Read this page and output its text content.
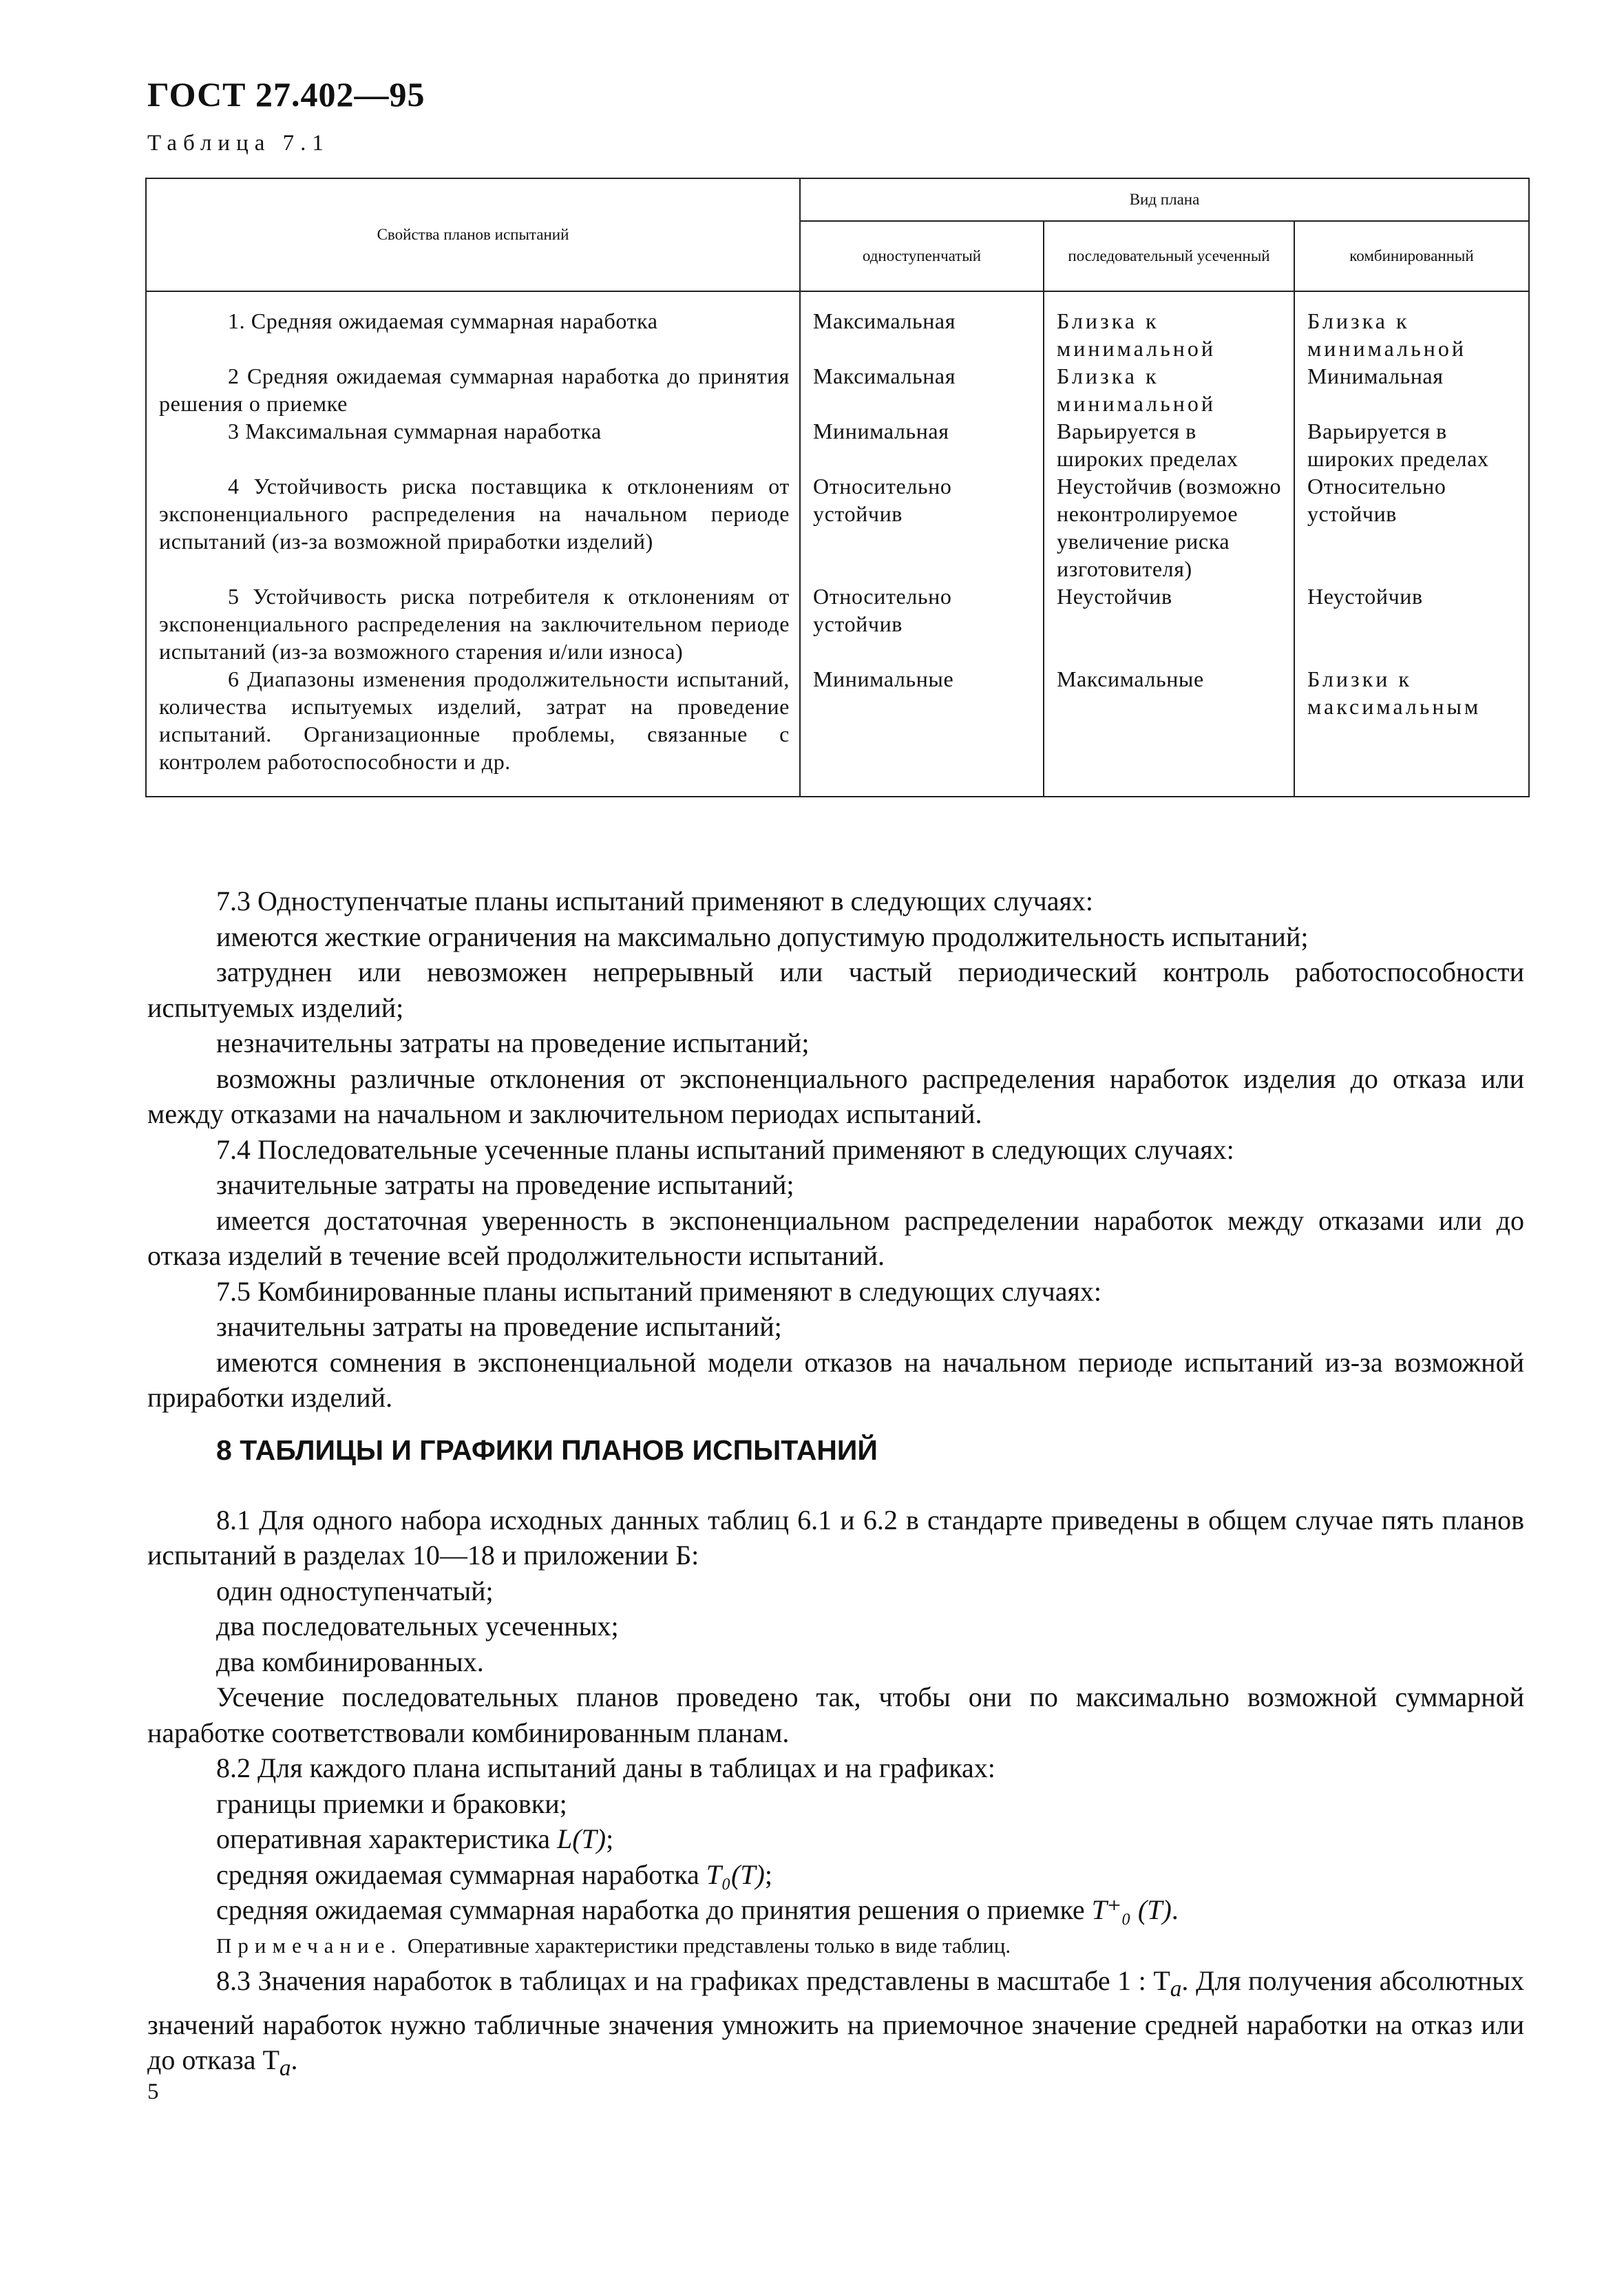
ГОСТ 27.402—95
Таблица 7.1
Свойства планов испытаний	Вид плана		
	одноступенчатый	последовательный усеченный	комбинированный

1. Средняя ожидаемая суммарная наработка	Максимальная	Близка к минимальной	Близка к минимальной

2 Средняя ожидаемая суммарная наработка до принятия решения о приемке	Максимальная	Близка к минимальной	Минимальная

3 Максимальная суммарная наработка	Минимальная	Варьируется в широких пределах	Варьируется в широких пределах

4 Устойчивость риска поставщика к отклонениям от экспоненциального распределения на начальном периоде испытаний (из-за возможной приработки изделий)	Относительно устойчив	Неустойчив (возможно неконтролируемое увеличение риска изготовителя)	Относительно устойчив

5 Устойчивость риска потребителя к отклонениям от экспоненциального распределения на заключительном периоде испытаний (из-за возможного старения и/или износа)	Относительно устойчив	Неустойчив	Неустойчив

6 Диапазоны изменения продолжительности испытаний, количества испытуемых изделий, затрат на проведение испытаний. Организационные проблемы, связанные с контролем работоспособности и др.	Минимальные	Максимальные	Близки к максимальным

7.3 Одноступенчатые планы испытаний применяют в следующих случаях:

имеются жесткие ограничения на максимально допустимую продолжительность испытаний;

затруднен или невозможен непрерывный или частый периодический контроль работоспособности испытуемых изделий;

незначительны затраты на проведение испытаний;

возможны различные отклонения от экспоненциального распределения наработок изделия до отказа или между отказами на начальном и заключительном периодах испытаний.

7.4 Последовательные усеченные планы испытаний применяют в следующих случаях:

значительные затраты на проведение испытаний;

имеется достаточная уверенность в экспоненциальном распределении наработок между отказами или до отказа изделий в течение всей продолжительности испытаний.

7.5 Комбинированные планы испытаний применяют в следующих случаях:

значительны затраты на проведение испытаний;

имеются сомнения в экспоненциальной модели отказов на начальном периоде испытаний из-за возможной приработки изделий.

8 ТАБЛИЦЫ И ГРАФИКИ ПЛАНОВ ИСПЫТАНИЙ

8.1 Для одного набора исходных данных таблиц 6.1 и 6.2 в стандарте приведены в общем случае пять планов испытаний в разделах 10—18 и приложении Б:

один одноступенчатый;

два последовательных усеченных;

два комбинированных.

Усечение последовательных планов проведено так, чтобы они по максимально возможной суммарной наработке соответствовали комбинированным планам.

8.2 Для каждого плана испытаний даны в таблицах и на графиках:

границы приемки и браковки;

оперативная характеристика L(T);

средняя ожидаемая суммарная наработка T₀(T);

средняя ожидаемая суммарная наработка до принятия решения о приемке T⁺₀ (T).

Примечание. Оперативные характеристики представлены только в виде таблиц.

8.3 Значения наработок в таблицах и на графиках представлены в масштабе 1 : $T_a$. Для получения абсолютных значений наработок нужно табличные значения умножить на приемочное значение средней наработки на отказ или до отказа $T_a$.

5
